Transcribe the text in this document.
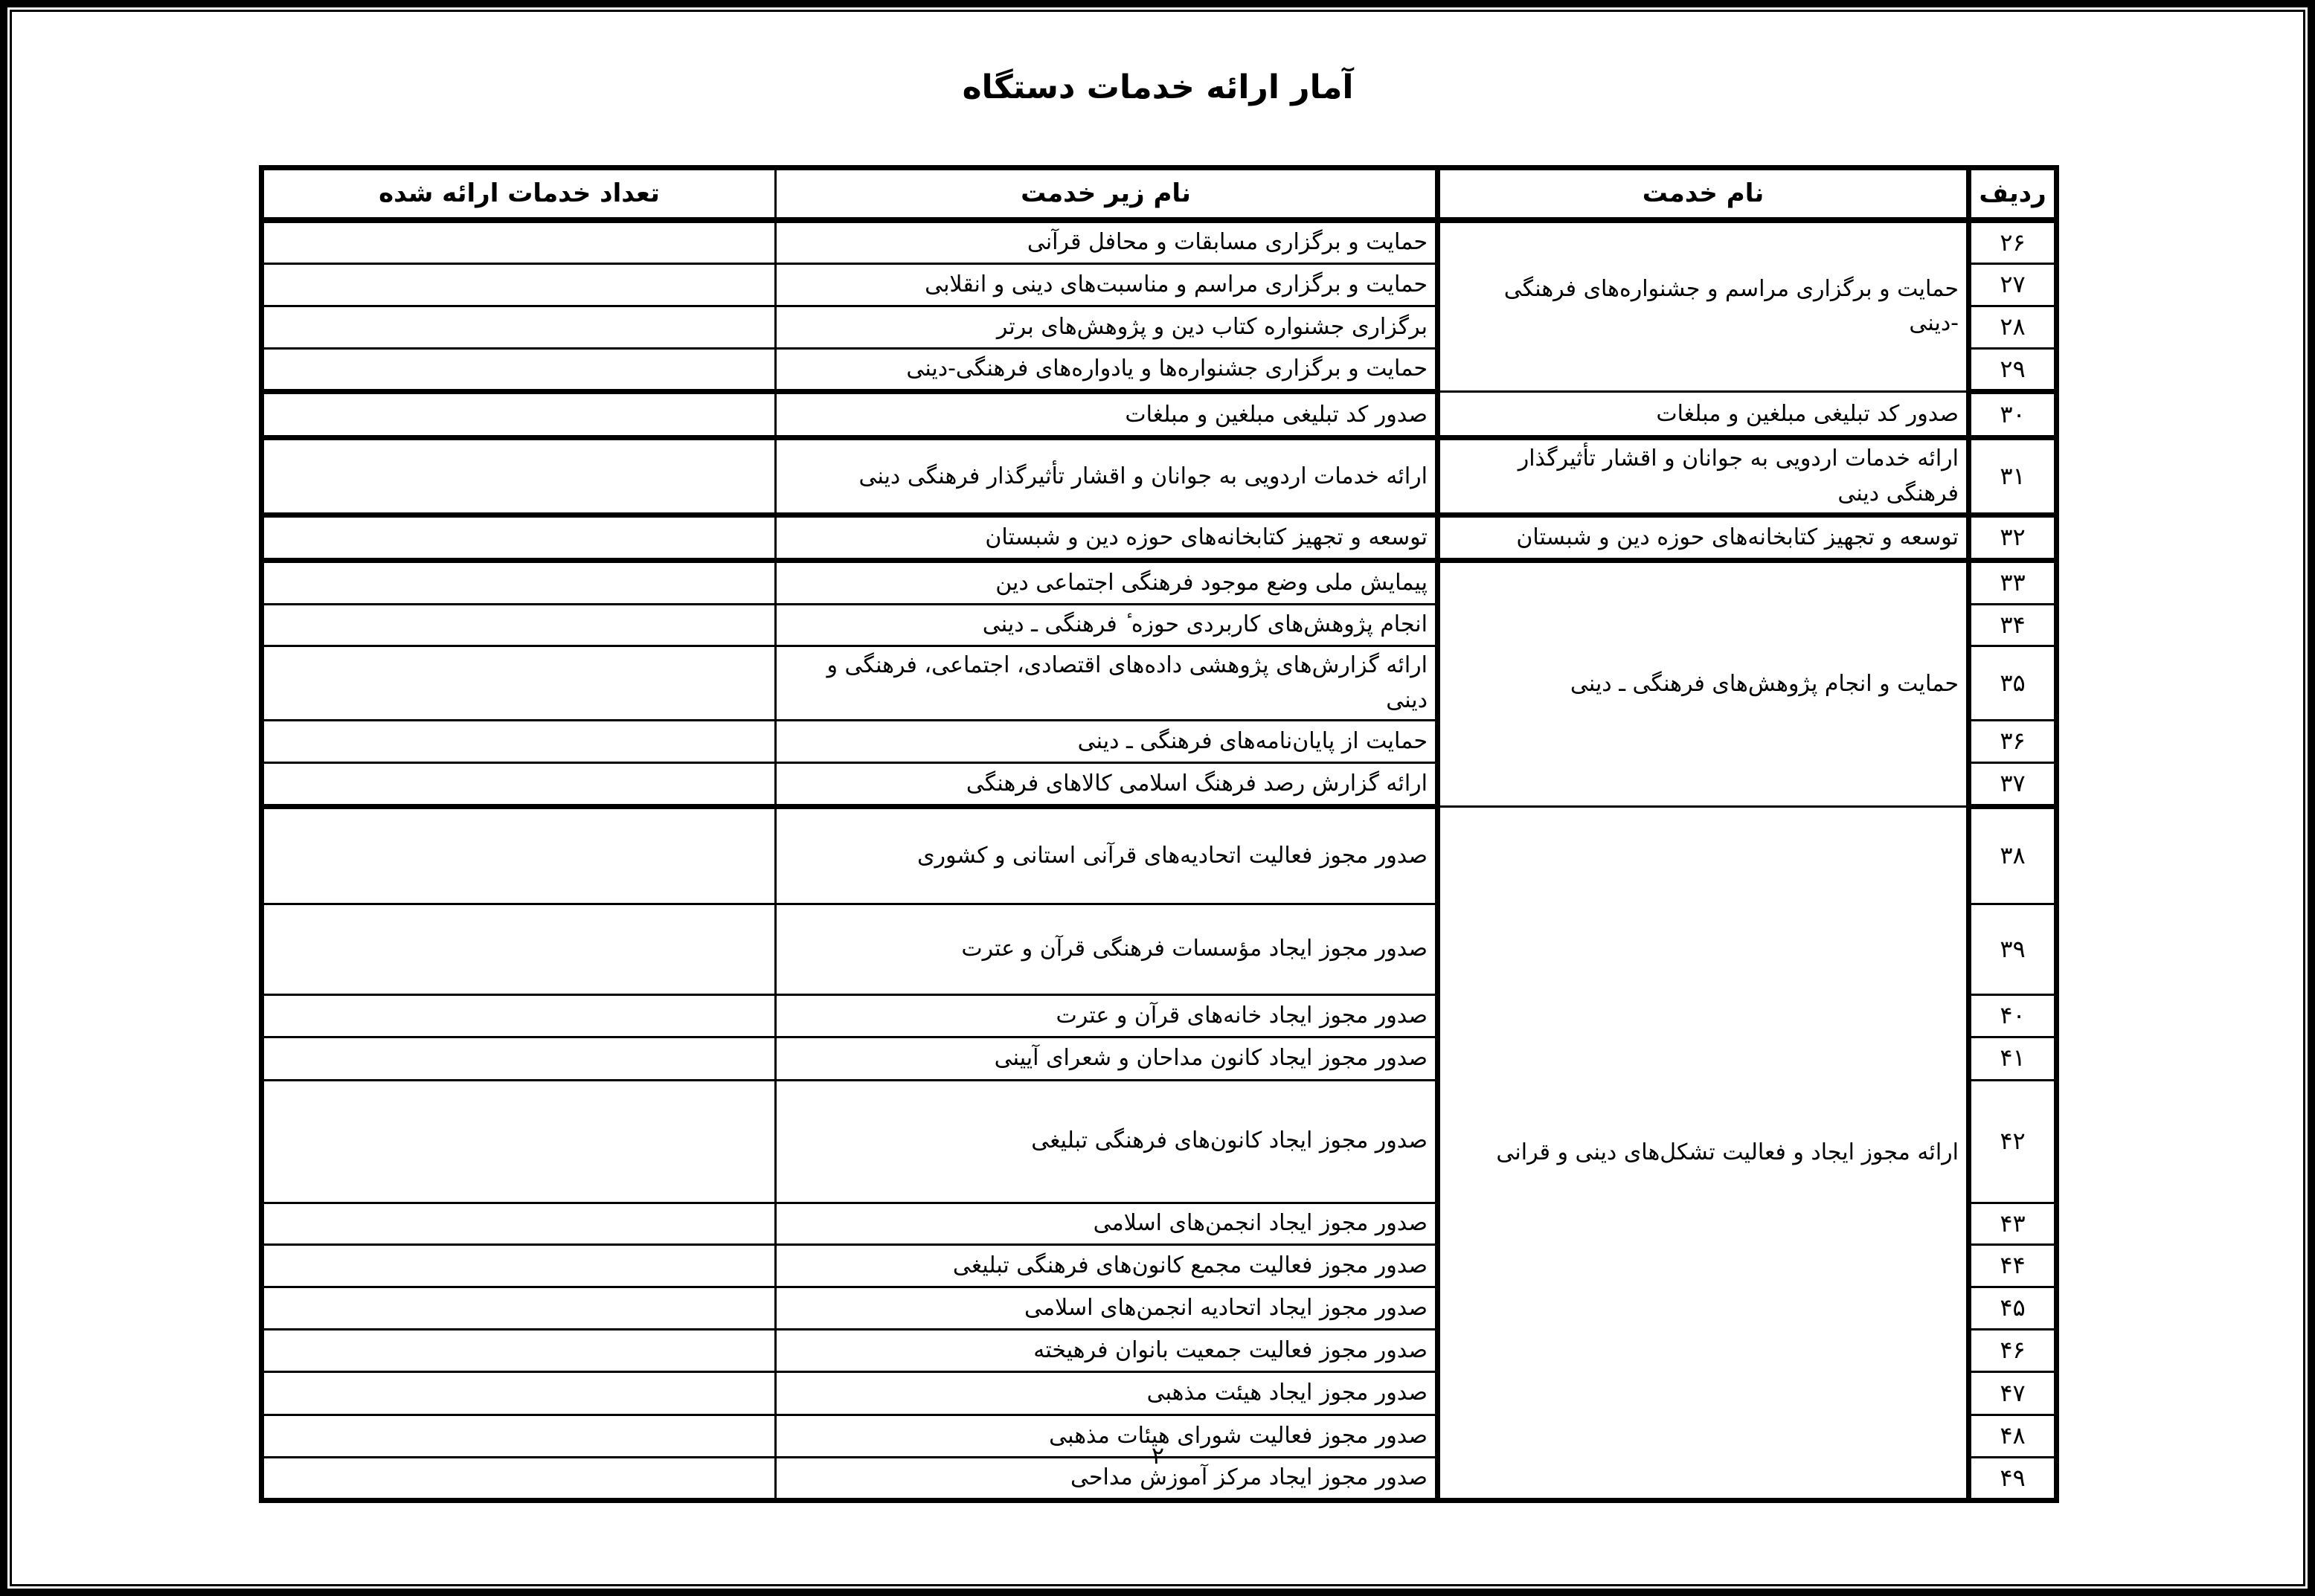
آمار ارائه خدمات دستگاه
ردیف	نام خدمت	نام زیر خدمت	تعداد خدمات ارائه شده
۲۶	حمایت و برگزاری مراسم و جشنواره‌های فرهنگی -دینی	حمایت و برگزاری مسابقات و محافل قرآنی	
۲۷		حمایت و برگزاری مراسم و مناسبت‌های دینی و انقلابی	
۲۸		برگزاری جشنواره کتاب دین و پژوهش‌های برتر	
۲۹		حمایت و برگزاری جشنواره‌ها و یادواره‌های فرهنگی-دینی	
۳۰	صدور کد تبلیغی مبلغین و مبلغات	صدور کد تبلیغی مبلغین و مبلغات	
۳۱	ارائه خدمات اردویی به جوانان و اقشار تأثیرگذار فرهنگی دینی	ارائه خدمات اردویی به جوانان و اقشار تأثیرگذار فرهنگی دینی	
۳۲	توسعه و تجهیز کتابخانه‌های حوزه دین و شبستان	توسعه و تجهیز کتابخانه‌های حوزه دین و شبستان	
۳۳	حمایت و انجام پژوهش‌های فرهنگی ـ دینی	پیمایش ملی وضع موجود فرهنگی اجتماعی دین	
۳۴		انجام پژوهش‌های کاربردی حوزه ٔ فرهنگی ـ دینی	
۳۵		ارائه گزارش‌های پژوهشی داده‌های اقتصادی، اجتماعی، فرهنگی و دینی	
۳۶		حمایت از پایان‌نامه‌های فرهنگی ـ دینی	
۳۷		ارائه گزارش رصد فرهنگ اسلامی کالاهای فرهنگی	
۳۸	ارائه مجوز ایجاد و فعالیت تشکل‌های دینی و قرانی	صدور مجوز فعالیت اتحادیه‌های قرآنی استانی و کشوری	
۳۹		صدور مجوز ایجاد مؤسسات فرهنگی قرآن و عترت	
۴۰		صدور مجوز ایجاد خانه‌های قرآن و عترت	
۴۱		صدور مجوز ایجاد کانون مداحان و شعرای آیینی	
۴۲		صدور مجوز ایجاد کانون‌های فرهنگی تبلیغی	
۴۳		صدور مجوز ایجاد انجمن‌های اسلامی	
۴۴		صدور مجوز فعالیت مجمع کانون‌های فرهنگی تبلیغی	
۴۵		صدور مجوز ایجاد اتحادیه انجمن‌های اسلامی	
۴۶		صدور مجوز فعالیت جمعیت بانوان فرهیخته	
۴۷		صدور مجوز ایجاد هیئت مذهبی	
۴۸		صدور مجوز فعالیت شورای هیئات مذهبی	
۴۹		صدور مجوز ایجاد مرکز آموزش مداحی	
۲
